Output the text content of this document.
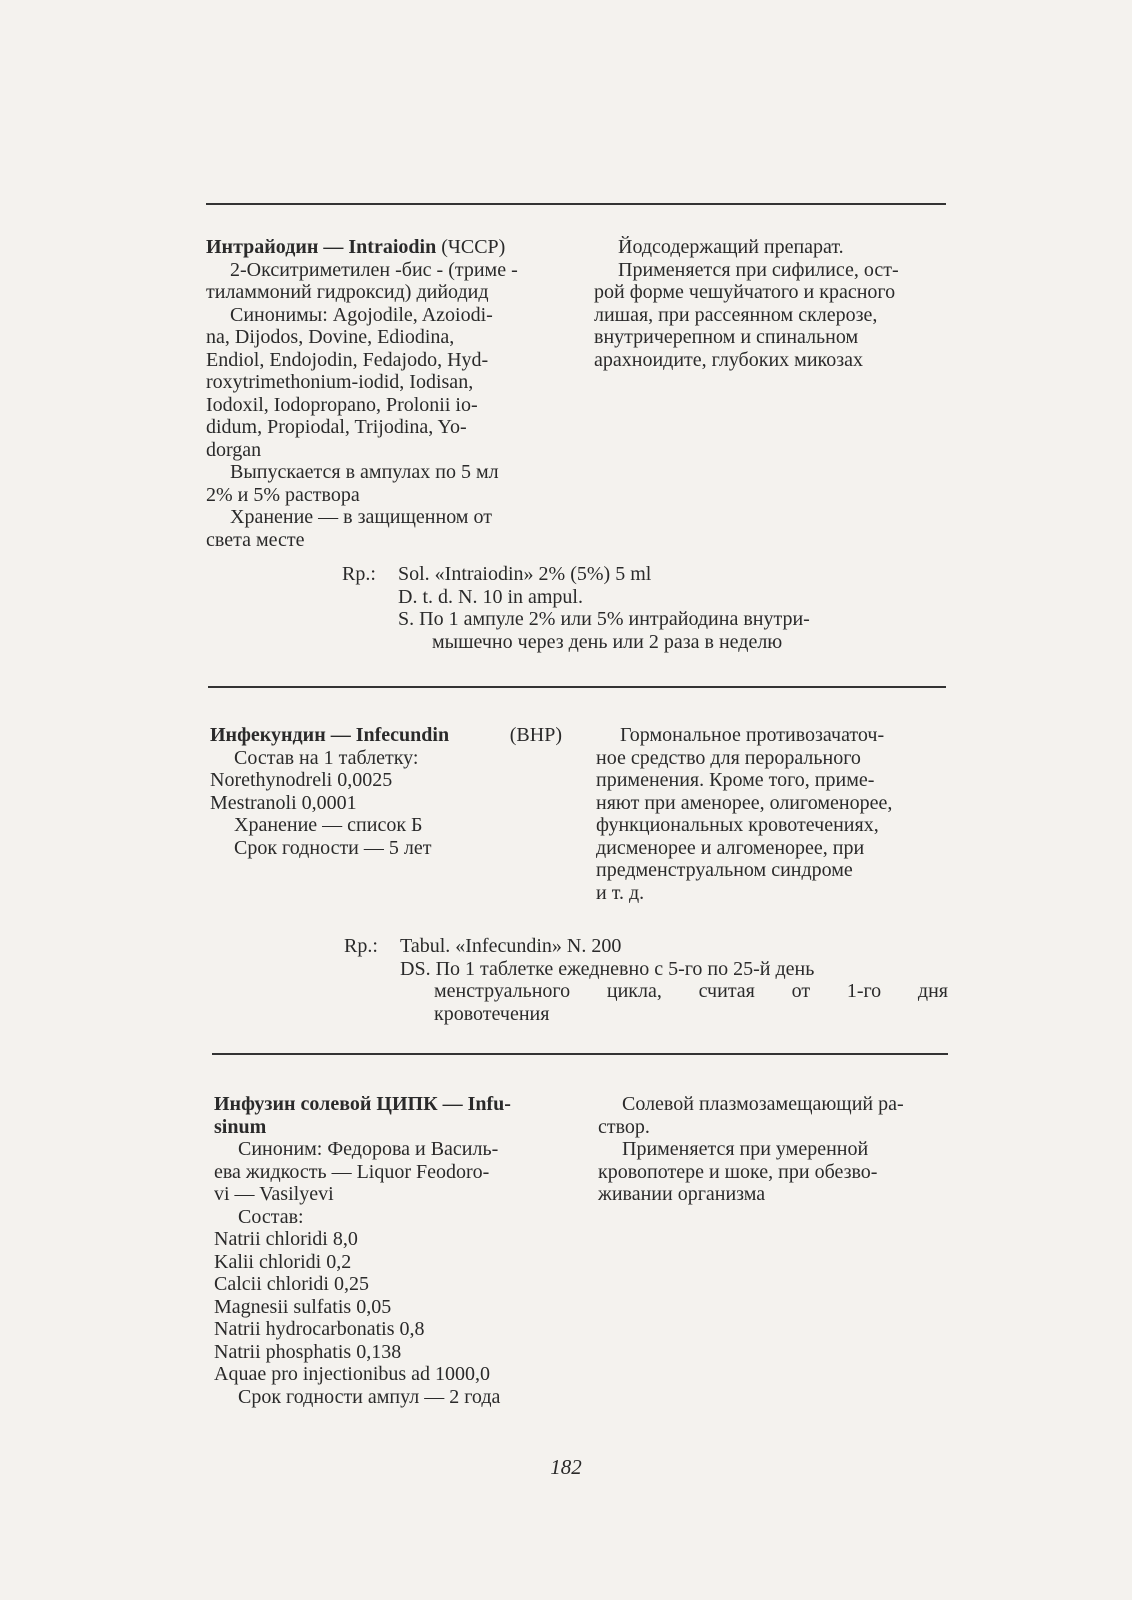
Интрайодин — Intraiodin (ЧССР)

2-Окситриметилен -бис - (триме -

тиламмоний гидроксид) дийодид

Синонимы: Agojodile, Azoiodi-

na, Dijodos, Dovine, Ediodina,

Endiol, Endojodin, Fedajodo, Hyd-

roxytrimethonium-iodid, Iodisan,

Iodoxil, Iodopropano, Prolonii io-

didum, Propiodal, Trijodina, Yo-

dorgan

Выпускается в ампулах по 5 мл

2% и 5% раствора

Хранение — в защищенном от

света месте

Йодсодержащий препарат.

Применяется при сифилисе, ост-

рой форме чешуйчатого и красного

лишая, при рассеянном склерозе,

внутричерепном и спинальном

арахноидите, глубоких микозах

Rp.:	Sol. «Intraiodin» 2% (5%) 5 ml
D. t. d. N. 10 in ampul.
S. По 1 ампуле 2% или 5% интрайодина внутри-
мышечно через день или 2 раза в неделю

Инфекундин — Infecundin	(ВНР)

Состав на 1 таблетку:

Norethynodreli 0,0025

Mestranoli 0,0001

Хранение — список Б

Срок годности — 5 лет

Гормональное противозачаточ-

ное средство для перорального

применения. Кроме того, приме-

няют при аменорее, олигоменорее,

функциональных кровотечениях,

дисменорее и алгоменорее, при

предменструальном синдроме

и т. д.

Rp.:	Tabul. «Infecundin» N. 200
DS. По 1 таблетке ежедневно с 5-го по 25-й день
менструального цикла, считая от 1-го дня
кровотечения

Инфузин солевой ЦИПК — Infu-

sinum

Синоним: Федорова и Василь-

ева жидкость — Liquor Feodoro-

vi — Vasilyevi

Состав:

Natrii chloridi 8,0

Kalii chloridi 0,2

Calcii chloridi 0,25

Magnesii sulfatis 0,05

Natrii hydrocarbonatis 0,8

Natrii phosphatis 0,138

Aquae pro injectionibus ad 1000,0

Срок годности ампул — 2 года

Солевой плазмозамещающий ра-

створ.

Применяется при умеренной

кровопотере и шоке, при обезво-

живании организма

182
